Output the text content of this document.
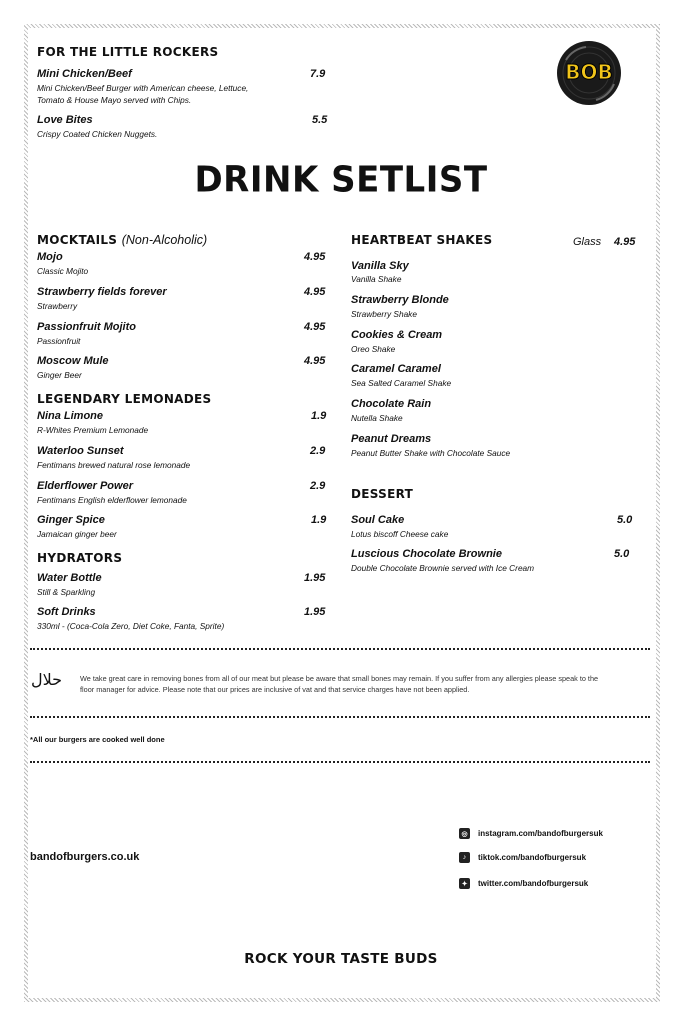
FOR THE LITTLE ROCKERS
Mini Chicken/Beef	7.9
Mini Chicken/Beef Burger with American cheese, Lettuce,
Tomato & House Mayo served with Chips.
Love Bites	5.5
Crispy Coated Chicken Nuggets.
BOB
DRINK SETLIST
MOCKTAILS (Non-Alcoholic)
Mojo	4.95
Classic Mojito
Strawberry fields forever	4.95
Strawberry
Passionfruit Mojito	4.95
Passionfruit
Moscow Mule	4.95
Ginger Beer
LEGENDARY LEMONADES
Nina Limone	1.9
R-Whites Premium Lemonade
Waterloo Sunset	2.9
Fentimans brewed natural rose lemonade
Elderflower Power	2.9
Fentimans English elderflower lemonade
Ginger Spice	1.9
Jamaican ginger beer
HYDRATORS
Water Bottle	1.95
Still & Sparkling
Soft Drinks	1.95
330ml - (Coca-Cola Zero, Diet Coke, Fanta, Sprite)
HEARTBEAT SHAKES	Glass 4.95
Vanilla Sky
Vanilla Shake
Strawberry Blonde
Strawberry Shake
Cookies & Cream
Oreo Shake
Caramel Caramel
Sea Salted Caramel Shake
Chocolate Rain
Nutella Shake
Peanut Dreams
Peanut Butter Shake with Chocolate Sauce
DESSERT
Soul Cake	5.0
Lotus biscoff Cheese cake
Luscious Chocolate Brownie	5.0
Double Chocolate Brownie served with Ice Cream
حلال We take great care in removing bones from all of our meat but please be aware that small bones may remain. If you suffer from any allergies please speak to the
floor manager for advice. Please note that our prices are inclusive of vat and that service charges have not been applied.
*All our burgers are cooked well done
bandofburgers.co.uk
◎	instagram.com/bandofburgersuk
♪	tiktok.com/bandofburgersuk
✦	twitter.com/bandofburgersuk
ROCK YOUR TASTE BUDS
